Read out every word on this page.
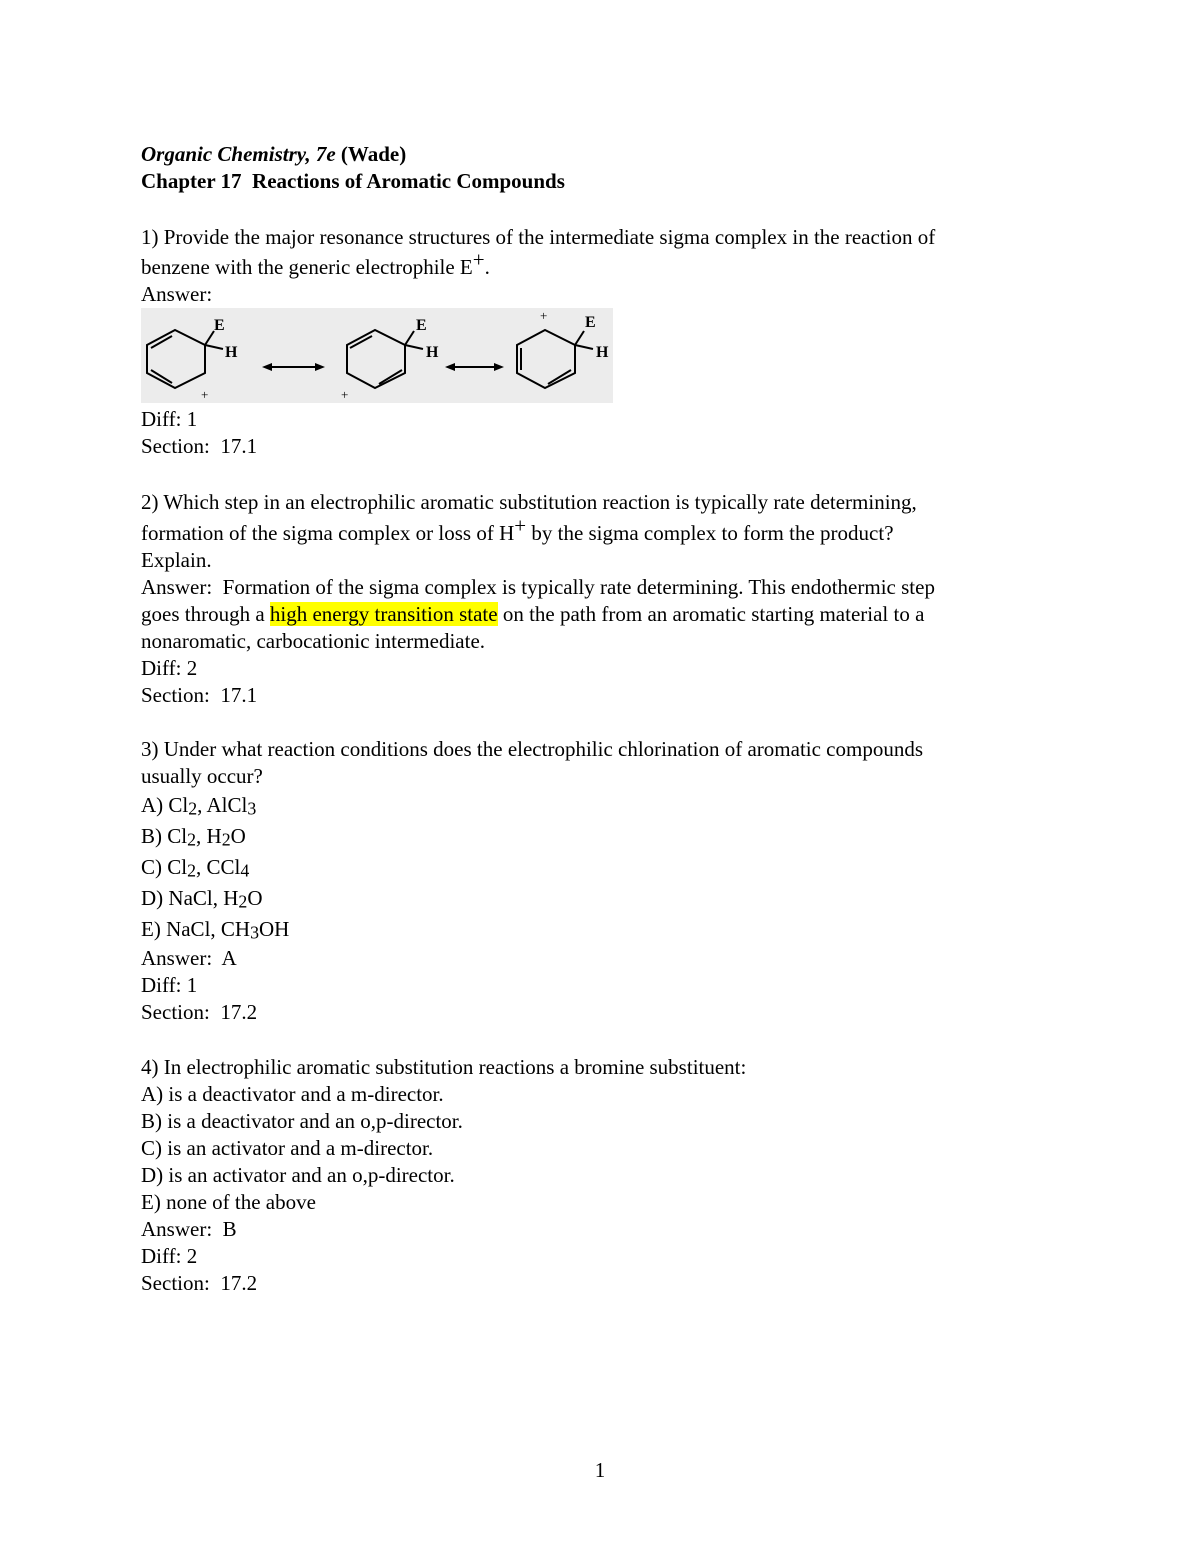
Organic Chemistry, 7e (Wade)
Chapter 17  Reactions of Aromatic Compounds
1) Provide the major resonance structures of the intermediate sigma complex in the reaction of
benzene with the generic electrophile E+.
Answer:
E
H
E
H
E
H
+	+
+
Diff: 1
Section:  17.1
2) Which step in an electrophilic aromatic substitution reaction is typically rate determining,
formation of the sigma complex or loss of H+ by the sigma complex to form the product?
Explain.
Answer:  Formation of the sigma complex is typically rate determining. This endothermic step
goes through a high energy transition state on the path from an aromatic starting material to a
nonaromatic, carbocationic intermediate.
Diff: 2
Section:  17.1
3) Under what reaction conditions does the electrophilic chlorination of aromatic compounds
usually occur?
A) $Cl_2$, AlCl$_3$
B) $Cl_2$, $H_2O$
C) $Cl_2$, CCl$_4$
D) NaCl, $H_2O$
E) NaCl, $CH_3OH$
Answer:  A
Diff: 1
Section:  17.2
4) In electrophilic aromatic substitution reactions a bromine substituent:
A) is a deactivator and a m-director.
B) is a deactivator and an o,p-director.
C) is an activator and a m-director.
D) is an activator and an o,p-director.
E) none of the above
Answer:  B
Diff: 2
Section:  17.2
1
